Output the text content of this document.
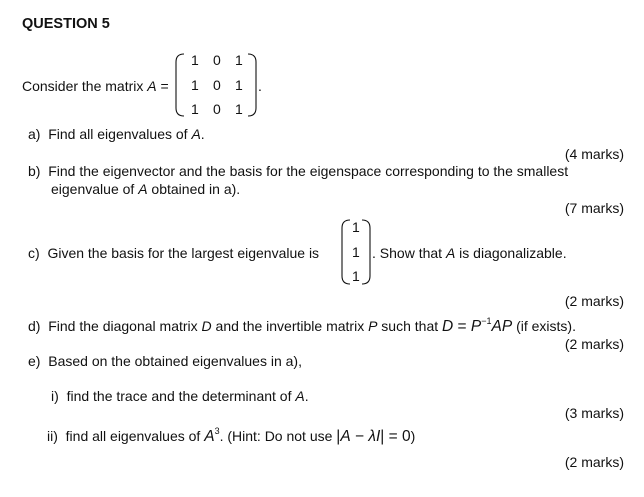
QUESTION 5
Consider the matrix A =
1 0 1
1 0 1
1 0 1
.
a) Find all eigenvalues of A.
(4 marks)
b) Find the eigenvector and the basis for the eigenspace corresponding to the smallest
eigenvalue of A obtained in a).
(7 marks)
c) Given the basis for the largest eigenvalue is
1
1
1
. Show that A is diagonalizable.
(2 marks)
d) Find the diagonal matrix D and the invertible matrix P such that $D = P^{-1}AP$ (if exists).
(2 marks)
e) Based on the obtained eigenvalues in a),
i) find the trace and the determinant of A.
(3 marks)
ii) find all eigenvalues of $A^3$. (Hint: Do not use |A − λI| = 0)
(2 marks)
